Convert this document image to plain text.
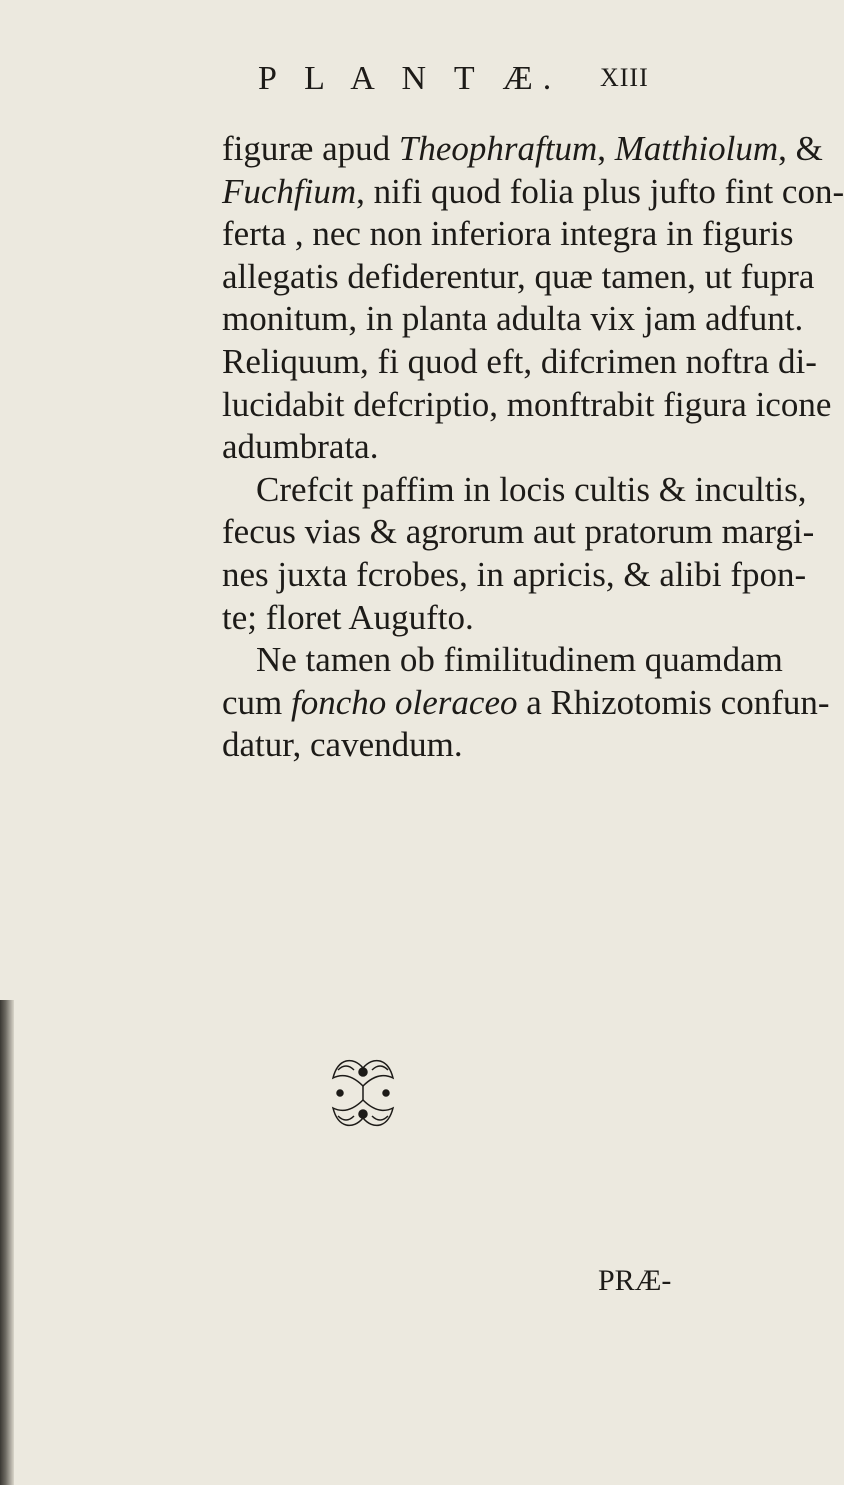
P L A N T Æ. XIII
figuræ apud Theophraftum, Matthiolum, &
Fuchfium, nifi quod folia plus jufto fint con-
ferta , nec non inferiora integra in figuris
allegatis defiderentur, quæ tamen, ut fupra
monitum, in planta adulta vix jam adfunt.
Reliquum, fi quod eft, difcrimen noftra di-
lucidabit defcriptio, monftrabit figura icone
adumbrata.
Crefcit paffim in locis cultis & incultis,
fecus vias & agrorum aut pratorum margi-
nes juxta fcrobes, in apricis, & alibi fpon-
te; floret Augufto.
Ne tamen ob fimilitudinem quamdam
cum foncho oleraceo a Rhizotomis confun-
datur, cavendum.
PRÆ-
